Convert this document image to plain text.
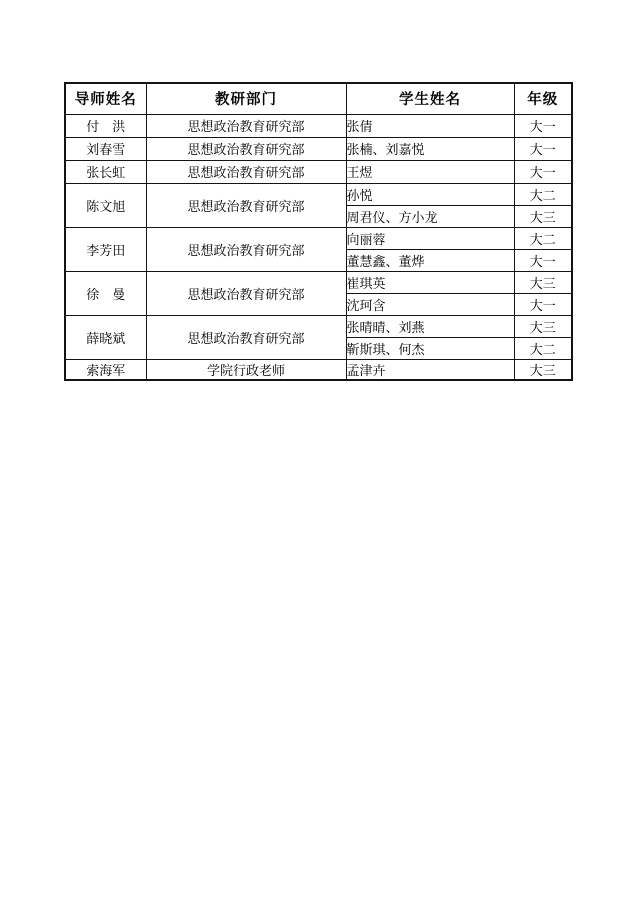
导师姓名	教研部门	学生姓名	年级
付　洪	思想政治教育研究部	张倩	大一
刘春雪	思想政治教育研究部	张楠、刘嘉悦	大一
张长虹	思想政治教育研究部	王煜	大一
陈文旭	思想政治教育研究部	孙悦	大二
		周君仪、方小龙	大三
李芳田	思想政治教育研究部	向丽蓉	大二
		董慧鑫、董烨	大一
徐　曼	思想政治教育研究部	崔琪英	大三
		沈珂含	大一
薛晓斌	思想政治教育研究部	张晴晴、刘燕	大三
		靳斯琪、何杰	大二
索海军	学院行政老师	孟津卉	大三
